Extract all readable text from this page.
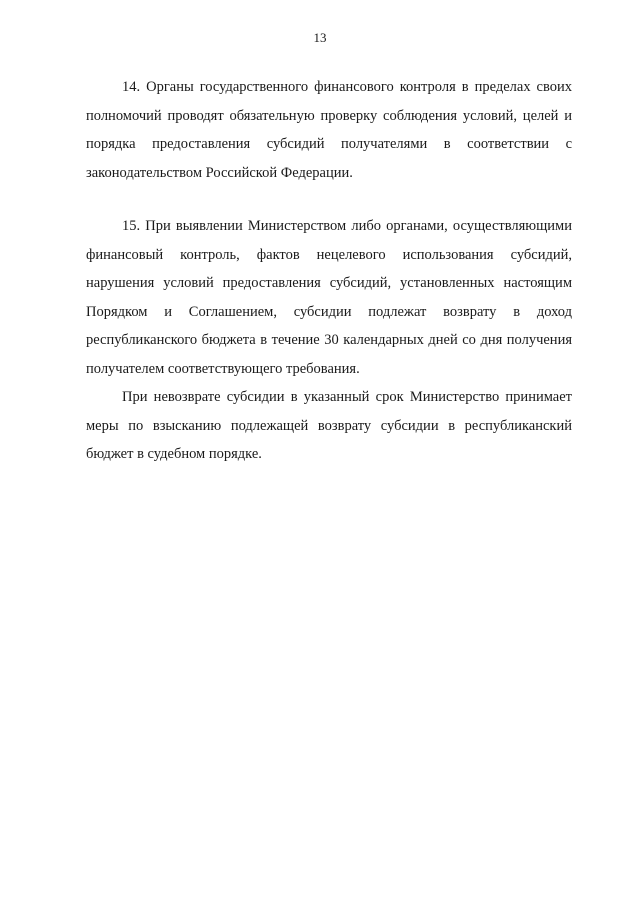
13

14. Органы государственного финансового контроля в пределах своих полномочий проводят обязательную проверку соблюдения условий, целей и порядка предоставления субсидий получателями в соответствии с законодательством Российской Федерации.

15. При выявлении Министерством либо органами, осуществляющими финансовый контроль, фактов нецелевого использования субсидий, нарушения условий предоставления субсидий, установленных настоящим Порядком и Соглашением, субсидии подлежат возврату в доход республиканского бюджета в течение 30 календарных дней со дня получения получателем соответствующего требования.

При невозврате субсидии в указанный срок Министерство принимает меры по взысканию подлежащей возврату субсидии в республиканский бюджет в судебном порядке.
